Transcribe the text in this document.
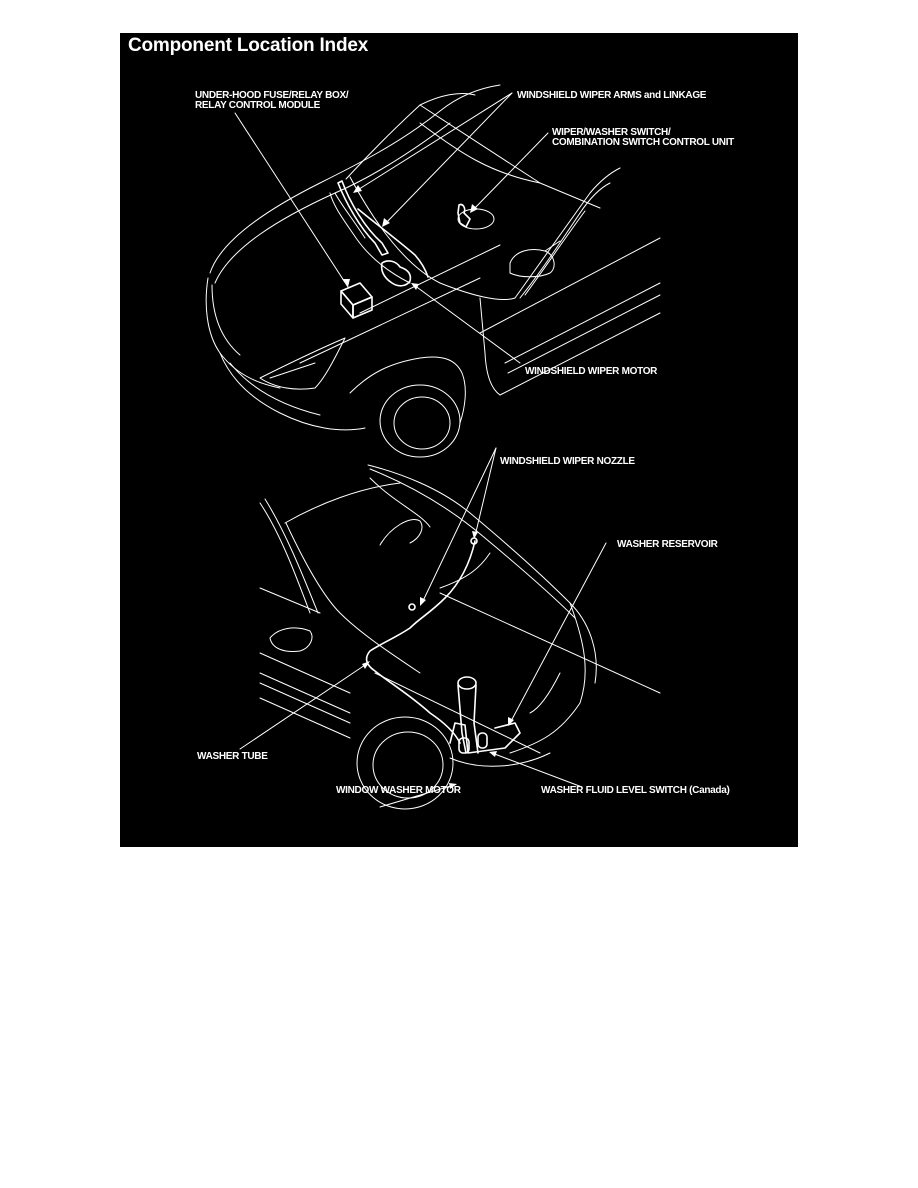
Component Location Index
UNDER-HOOD FUSE/RELAY BOX/
RELAY CONTROL MODULE
WINDSHIELD WIPER ARMS and LINKAGE
WIPER/WASHER SWITCH/
COMBINATION SWITCH CONTROL UNIT
WINDSHIELD WIPER MOTOR
WINDSHIELD WIPER NOZZLE
WASHER RESERVOIR
WASHER TUBE
WINDOW WASHER MOTOR	WASHER FLUID LEVEL SWITCH (Canada)
